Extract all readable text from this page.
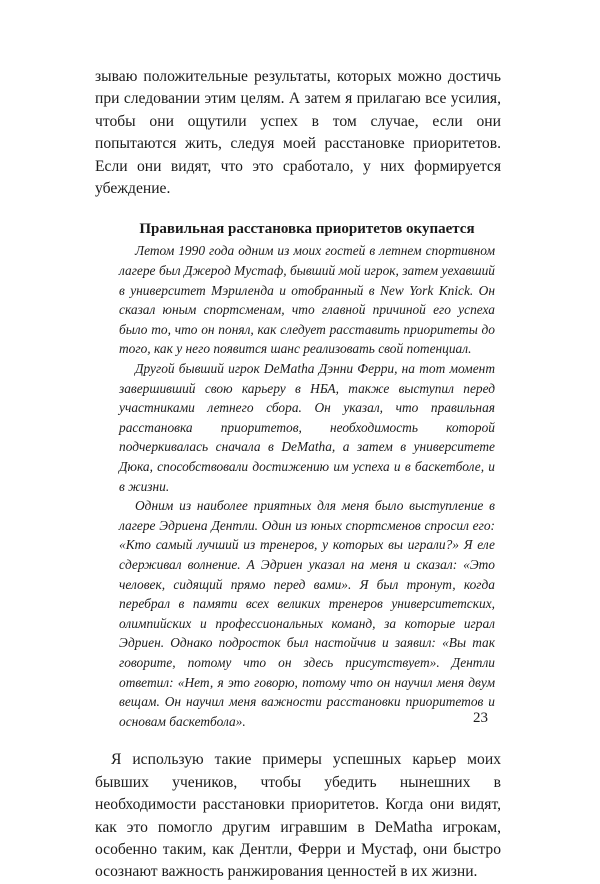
зываю положительные результаты, которых можно достичь при следовании этим целям. А затем я прилагаю все усилия, чтобы они ощутили успех в том случае, если они попытаются жить, следуя моей расстановке приоритетов. Если они видят, что это сработало, у них формируется убеждение.

Правильная расстановка приоритетов окупается

Летом 1990 года одним из моих гостей в летнем спортивном лагере был Джерод Мустаф, бывший мой игрок, затем уехавший в университет Мэриленда и отобранный в New York Knick. Он сказал юным спортсменам, что главной причиной его успеха было то, что он понял, как следует расставить приоритеты до того, как у него появится шанс реализовать свой потенциал.

Другой бывший игрок DeMatha Дэнни Ферри, на тот момент завершивший свою карьеру в НБА, также выступил перед участниками летнего сбора. Он указал, что правильная расстановка приоритетов, необходимость которой подчеркивалась сначала в DeMatha, а затем в университете Дюка, способствовали достижению им успеха и в баскетболе, и в жизни.

Одним из наиболее приятных для меня было выступление в лагере Эдриена Дентли. Один из юных спортсменов спросил его: «Кто самый лучший из тренеров, у которых вы играли?» Я еле сдерживал волнение. А Эдриен указал на меня и сказал: «Это человек, сидящий прямо перед вами». Я был тронут, когда перебрал в памяти всех великих тренеров университетских, олимпийских и профессиональных команд, за которые играл Эдриен. Однако подросток был настойчив и заявил: «Вы так говорите, потому что он здесь присутствует». Дентли ответил: «Нет, я это говорю, потому что он научил меня двум вещам. Он научил меня важности расстановки приоритетов и основам баскетбола».

Я использую такие примеры успешных карьер моих бывших учеников, чтобы убедить нынешних в необходимости расстановки приоритетов. Когда они видят, как это помогло другим игравшим в DeMatha игрокам, особенно таким, как Дентли, Ферри и Мустаф, они быстро осознают важность ранжирования ценностей в их жизни.

23
